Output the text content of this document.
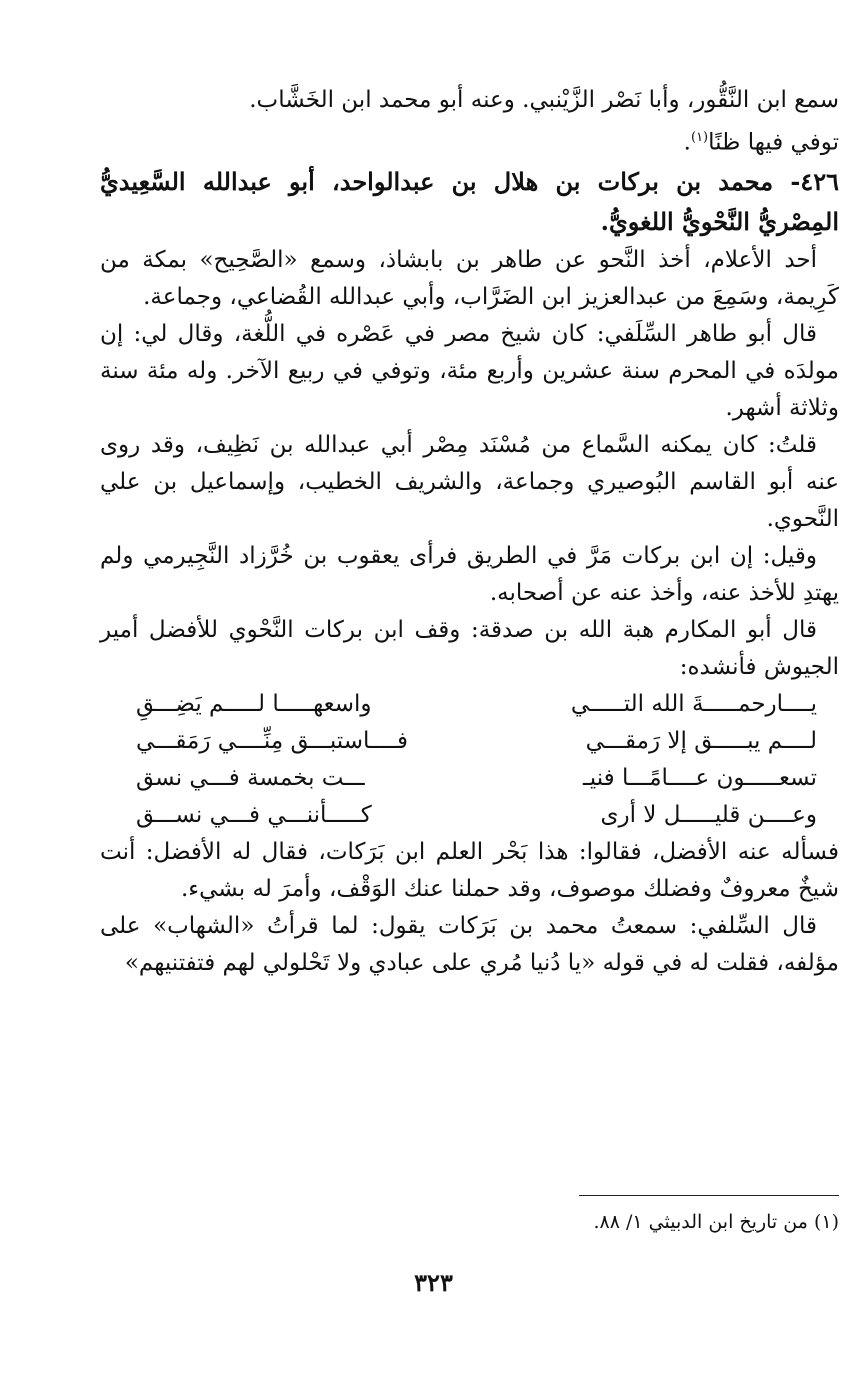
سمع ابن النَّقُّور، وأبا نَصْر الزَّيْنبي. وعنه أبو محمد ابن الخَشَّاب.

توفي فيها ظنًا$^{(١)}$.

٤٢٦- محمد بن بركات بن هلال بن عبدالواحد، أبو عبدالله السَّعِيديُّ المِصْريُّ النَّحْويُّ اللغويُّ.

أحد الأعلام، أخذ النَّحو عن طاهر بن بابشاذ، وسمع «الصَّحِيح» بمكة من كَرِيمة، وسَمِعَ من عبدالعزيز ابن الضَرَّاب، وأبي عبدالله القُضاعي، وجماعة.

قال أبو طاهر السِّلَفي: كان شيخ مصر في عَصْره في اللُّغة، وقال لي: إن مولدَه في المحرم سنة عشرين وأربع مئة، وتوفي في ربيع الآخر. وله مئة سنة وثلاثة أشهر.

قلتُ: كان يمكنه السَّماع من مُسْنَد مِصْر أبي عبدالله بن نَظِيف، وقد روى عنه أبو القاسم البُوصيري وجماعة، والشريف الخطيب، وإسماعيل بن علي النَّحوي.

وقيل: إن ابن بركات مَرَّ في الطريق فرأى يعقوب بن خُرَّزاد النَّجِيرمي ولم يهتدِ للأخذ عنه، وأخذ عنه عن أصحابه.

قال أبو المكارم هبة الله بن صدقة: وقف ابن بركات النَّحْوي للأفضل أمير الجيوش فأنشده:

يــــارحمـــــةَ الله التـــــي
واسعهـــــا لـــــم يَضِـــقِ
لــــم يبـــــق إلا رَمقـــي
فــــاستبـــق مِنِّــــي رَمَقـــي
تسعـــــون عــــامًـــا فنيـ
ـــت بخمسة فـــي نسق
وعــــن قليـــــل لا أرى
كـــــأننـــي فـــي نســـق

فسأله عنه الأفضل، فقالوا: هذا بَحْر العلم ابن بَرَكات، فقال له الأفضل: أنت شيخٌ معروفٌ وفضلك موصوف، وقد حملنا عنك الوَقْف، وأمرَ له بشيء.

قال السِّلفي: سمعتُ محمد بن بَرَكات يقول: لما قرأتُ «الشهاب» على مؤلفه، فقلت له في قوله «يا دُنيا مُري على عبادي ولا تَحْلولي لهم فتفتنيهم»

(١) من تاريخ ابن الدبيثي ١/ ٨٨.
٣٢٣
